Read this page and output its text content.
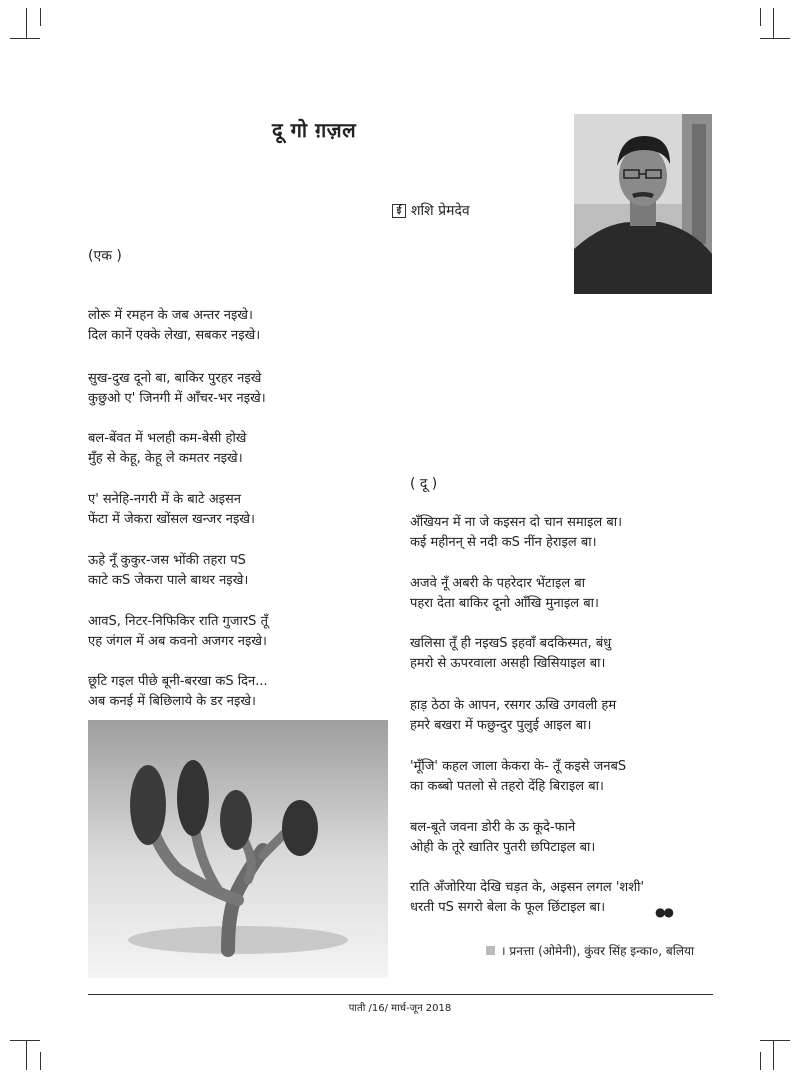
दू गो ग़ज़ल
ई शशि प्रेमदेव
(एक )
लोरू में रमहन के जब अन्तर नइखे।
दिल कानें एक्के लेखा, सबकर नइखे।
सुख-दुख दूनो बा, बाकिर पुरहर नइखे
कुछुओ ए' जिनगी में आँचर-भर नइखे।
बल-बेंवत में भलही कम-बेसी होखे
मुँह से केहू, केहू ले कमतर नइखे।
ए' सनेहि-नगरी में के बाटे अइसन
फेंटा में जेकरा खोंसल खन्जर नइखे।
ऊहे नूँ कुकुर-जस भोंकी तहरा पS
काटे कS जेकरा पाले बाथर नइखे।
आवS, निटर-निफिकिर राति गुजारS तूँ
एह जंगल में अब कवनो अजगर नइखे।
छूटि गइल पीछे बूनी-बरखा कS दिन...
अब कनई में बिछिलाये के डर नइखे।
( दू )
अँखियन में ना जे कइसन दो चान समाइल बा।
कई महीनन् से नदी कS नींन हेराइल बा।
अजवे नूँ अबरी के पहरेदार भेंटाइल बा
पहरा देता बाकिर दूनो आँखि मुनाइल बा।
खलिसा तूँ ही नइखS इहवाँ बदकिस्मत, बंधु
हमरो से ऊपरवाला असही खिसियाइल बा।
हाड़ ठेठा के आपन, रसगर ऊखि उगवली हम
हमरे बखरा में फछुन्दुर पुलुई आइल बा।
'मूँजि' कहल जाला केकरा के- तूँ कइसे जनबS
का कब्बो पतलो से तहरो देंहि बिराइल बा।
बल-बूते जवना डोरी के ऊ कूदे-फाने
ओही के तूरे खातिर पुतरी छपिटाइल बा।
राति अँजोरिया देखि चड़त के, अइसन लगल 'शशी'
धरती पS सगरो बेला के फूल छिंटाइल बा।	●●
। प्रनत्ता (ओमेनी), कुंवर सिंह इन्का०, बलिया
पाती /16/ मार्च-जून 2018
